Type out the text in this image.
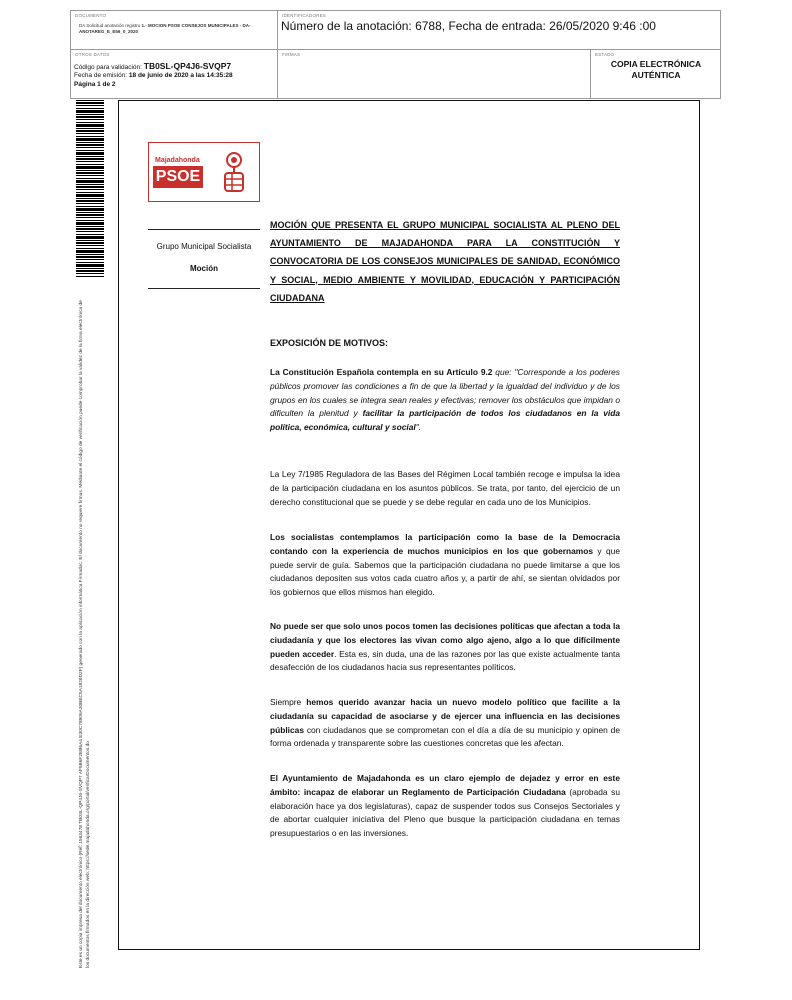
DOCUMENTO
DA Solicitud anotación registro 1.- MOCION PSOE CONSEJOS MUNICIPALES - DA-ANOTAREG_E_E56_0_2020
IDENTIFICADORES
Número de la anotación: 6788, Fecha de entrada: 26/05/2020 9:46 :00
OTROS DATOS
Código para validación: TB0SL-QP4J6-SVQP7
Fecha de emisión: 18 de junio de 2020 a las 14:35:28
Página 1 de 2
FIRMAS	ESTADO
COPIA ELECTRÓNICA AUTÉNTICA
Este es un copia impresa del documento electrónico (Ref: 1563478 TB0SL-QP4J6-SVQP7 AF5B6F2EB6A4 E30C78906A30BEC5A1828D2F) generado con la aplicación informática Firmadoc. El documento no requiere firmas. Mediante el código de verificación puede comprobar la validez de la firma electrónica de los documentos firmados en la dirección web: https://sede.majadahonda.org/portal/verificarDocumentos.do
Majadahonda
PSOE
Grupo Municipal Socialista
Moción
MOCIÓN QUE PRESENTA EL GRUPO MUNICIPAL SOCIALISTA AL PLENO DEL AYUNTAMIENTO DE MAJADAHONDA PARA LA CONSTITUCIÓN Y CONVOCATORIA DE LOS CONSEJOS MUNICIPALES DE SANIDAD, ECONÓMICO Y SOCIAL, MEDIO AMBIENTE Y MOVILIDAD, EDUCACIÓN Y PARTICIPACIÓN CIUDADANA
EXPOSICIÓN DE MOTIVOS:
La Constitución Española contempla en su Artículo 9.2 que: "Corresponde a los poderes públicos promover las condiciones a fin de que la libertad y la igualdad del individuo y de los grupos en los cuales se integra sean reales y efectivas; remover los obstáculos que impidan o dificulten la plenitud y facilitar la participación de todos los ciudadanos en la vida política, económica, cultural y social".
La Ley 7/1985 Reguladora de las Bases del Régimen Local también recoge e impulsa la idea de la participación ciudadana en los asuntos públicos. Se trata, por tanto, del ejercicio de un derecho constitucional que se puede y se debe regular en cada uno de los Municipios.
Los socialistas contemplamos la participación como la base de la Democracia contando con la experiencia de muchos municipios en los que gobernamos y que puede servir de guía. Sabemos que la participación ciudadana no puede limitarse a que los ciudadanos depositen sus votos cada cuatro años y, a partir de ahí, se sientan olvidados por los gobiernos que ellos mismos han elegido.
No puede ser que solo unos pocos tomen las decisiones políticas que afectan a toda la ciudadanía y que los electores las vivan como algo ajeno, algo a lo que difícilmente pueden acceder. Esta es, sin duda, una de las razones por las que existe actualmente tanta desafección de los ciudadanos hacia sus representantes políticos.
Siempre hemos querido avanzar hacia un nuevo modelo político que facilite a la ciudadanía su capacidad de asociarse y de ejercer una influencia en las decisiones públicas con ciudadanos que se comprometan con el día a día de su municipio y opinen de forma ordenada y transparente sobre las cuestiones concretas que les afectan.
El Ayuntamiento de Majadahonda es un claro ejemplo de dejadez y error en este ámbito: incapaz de elaborar un Reglamento de Participación Ciudadana (aprobada su elaboración hace ya dos legislaturas), capaz de suspender todos sus Consejos Sectoriales y de abortar cualquier iniciativa del Pleno que busque la participación ciudadana en temas presupuestarios o en las inversiones.
